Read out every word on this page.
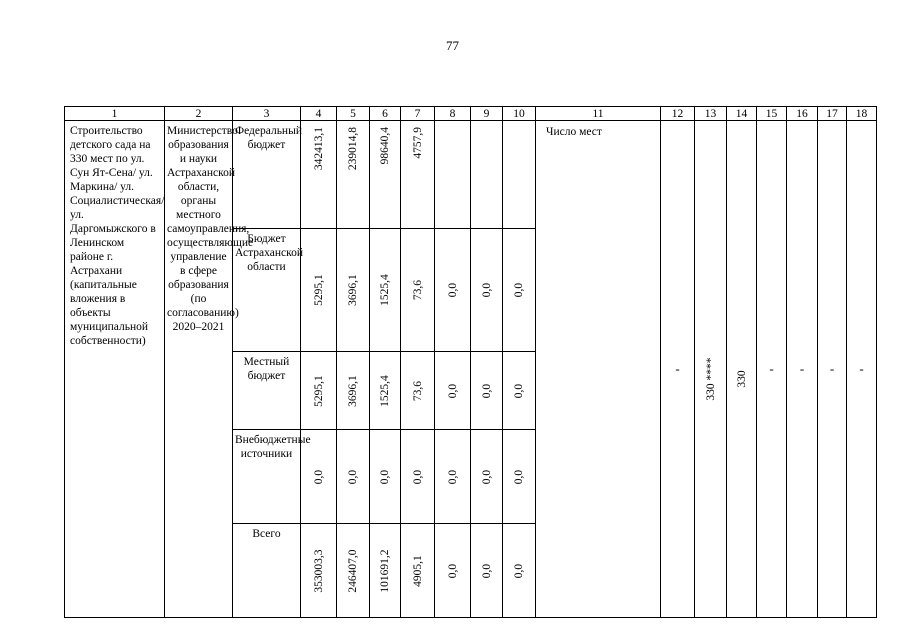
77
1	2	3	4	5	6	7	8	9	10	11	12	13	14	15	16	17	18
Строительство детского сада на 330 мест по ул. Сун Ят-Сена/ ул. Маркина/ ул. Социалистическая/ул. Даргомыжского в Ленинском районе г. Астрахани (капитальные вложения в объекты муниципальной собственности)	Министерство образования и науки Астраханской области, органы местного самоуправления, осуществляющие управление в сфере образования (по согласованию) 2020–2021	Федеральный бюджет	342413,1	239014,8	98640,4	4757,9				Число мест	-	330 ****	330	-	-	-	-
		Бюджет Астраханской области	5295,1	3696,1	1525,4	73,6	0,0	0,0	0,0								

		Местный бюджет	5295,1	3696,1	1525,4	73,6	0,0	0,0	0,0								

		Внебюджетные источники	0,0	0,0	0,0	0,0	0,0	0,0	0,0								

		Всего	353003,3	246407,0	101691,2	4905,1	0,0	0,0	0,0								
